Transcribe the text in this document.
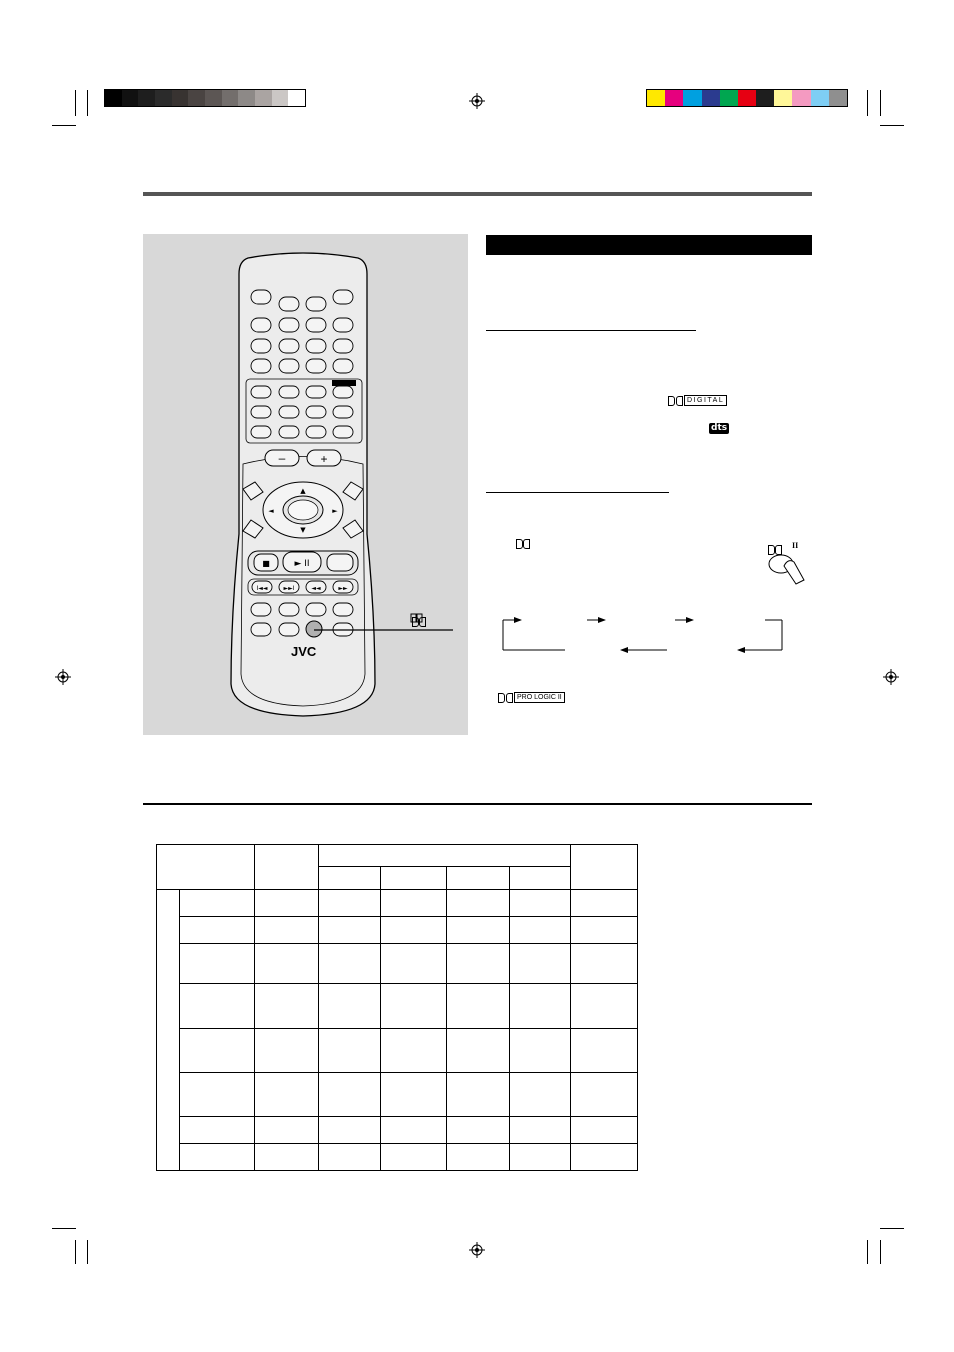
–	+
▲
▼
◄	►
■	► II
I◄◄	►►I	◄◄	►►
JVC
DIGITAL
dts
II
PRO LOGIC II
